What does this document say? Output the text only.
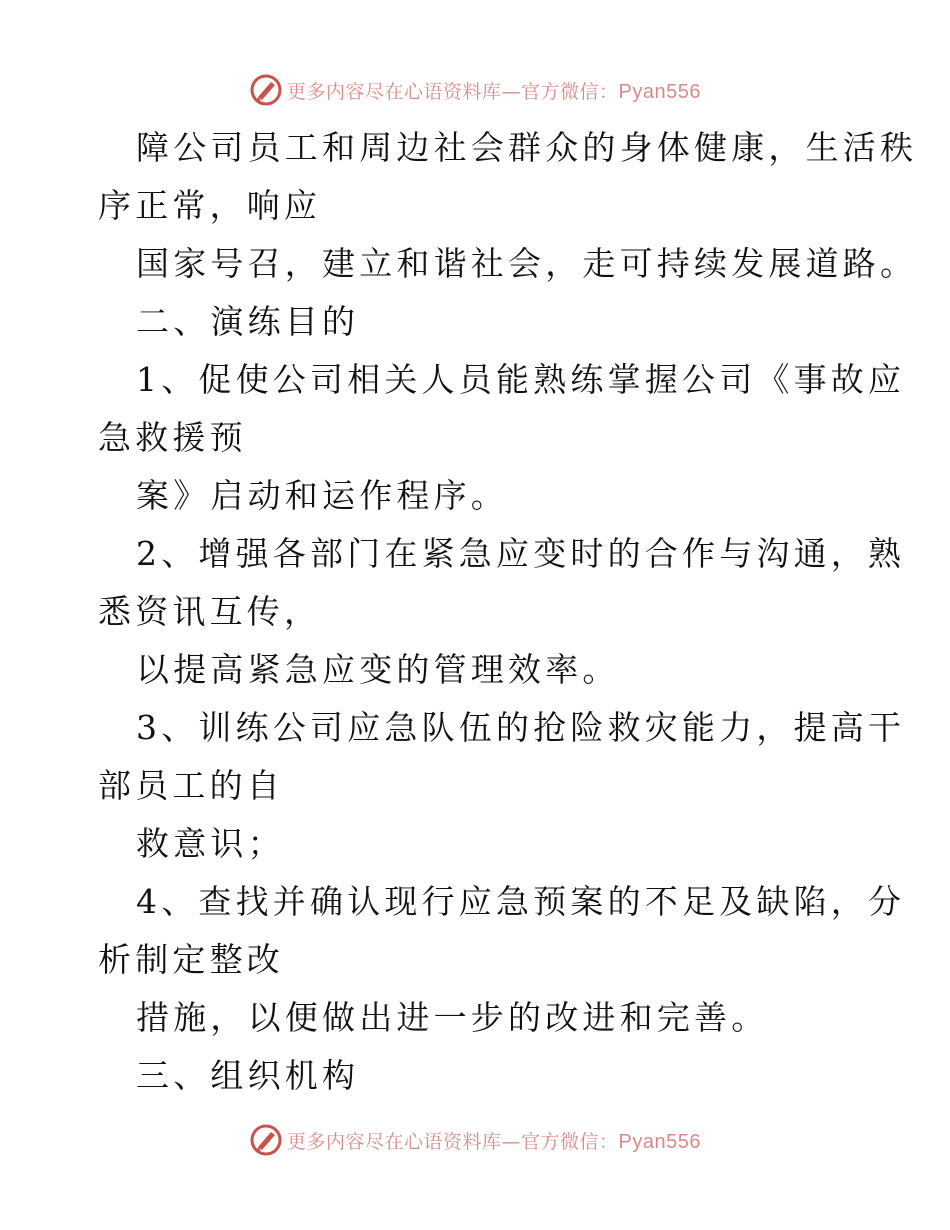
更多内容尽在心语资料库—官方微信：Pyan556
障公司员工和周边社会群众的身体健康，生活秩
序正常，响应
国家号召，建立和谐社会，走可持续发展道路。
二、演练目的
1、促使公司相关人员能熟练掌握公司《事故应
急救援预
案》启动和运作程序。
2、增强各部门在紧急应变时的合作与沟通，熟
悉资讯互传，
以提高紧急应变的管理效率。
3、训练公司应急队伍的抢险救灾能力，提高干
部员工的自
救意识；
4、查找并确认现行应急预案的不足及缺陷，分
析制定整改
措施，以便做出进一步的改进和完善。
三、组织机构
更多内容尽在心语资料库—官方微信：Pyan556
